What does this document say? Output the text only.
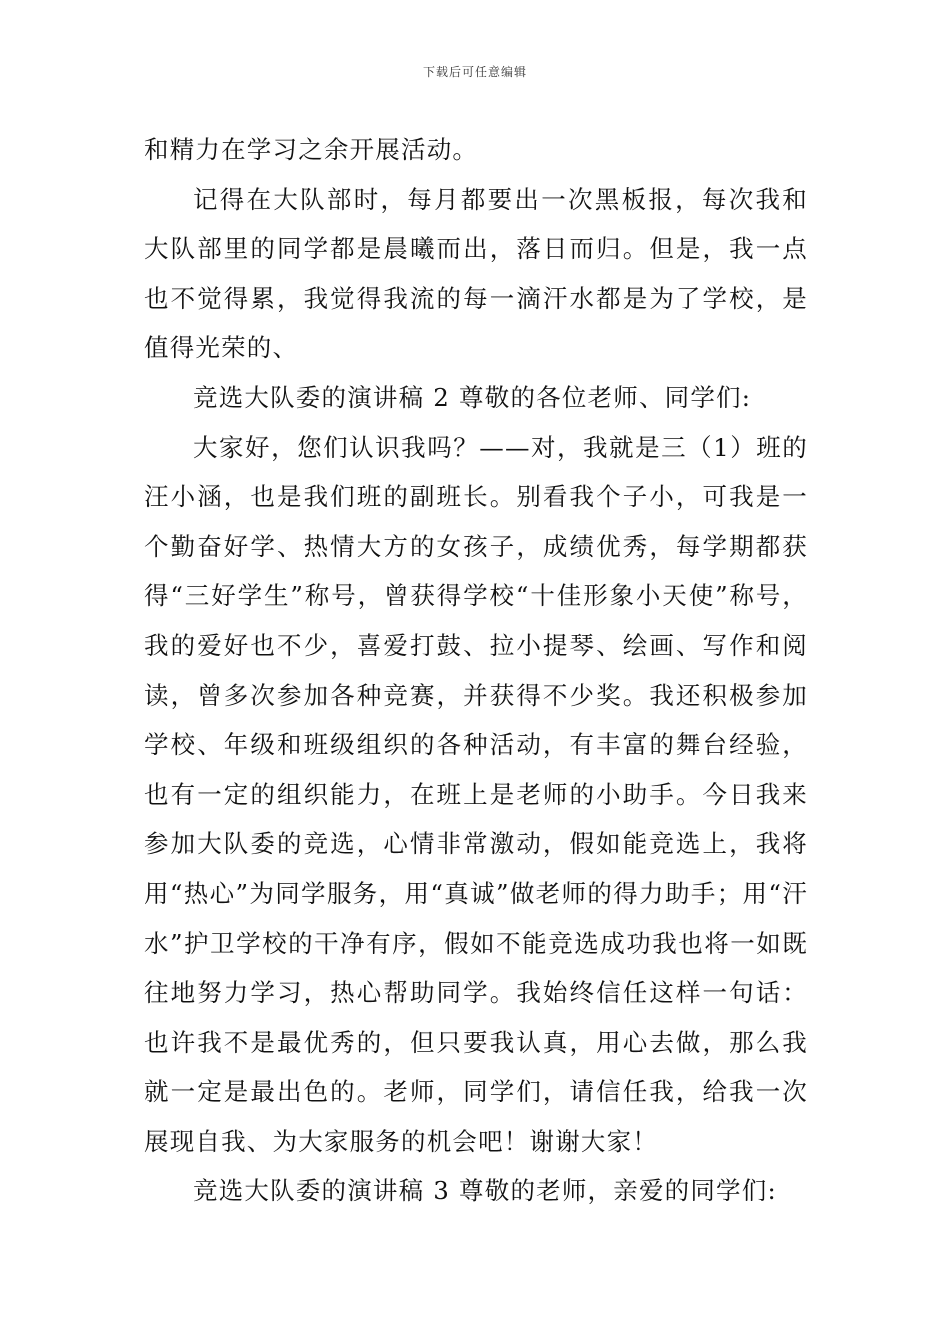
下载后可任意编辑

和精力在学习之余开展活动。

记得在大队部时，每月都要出一次黑板报，每次我和大队部里的同学都是晨曦而出，落日而归。但是，我一点也不觉得累，我觉得我流的每一滴汗水都是为了学校，是值得光荣的、

竞选大队委的演讲稿 2 尊敬的各位老师、同学们:

大家好，您们认识我吗？——对，我就是三（1）班的汪小涵，也是我们班的副班长。别看我个子小，可我是一个勤奋好学、热情大方的女孩子，成绩优秀，每学期都获得“三好学生”称号，曾获得学校“十佳形象小天使”称号，我的爱好也不少，喜爱打鼓、拉小提琴、绘画、写作和阅读，曾多次参加各种竞赛，并获得不少奖。我还积极参加学校、年级和班级组织的各种活动，有丰富的舞台经验，也有一定的组织能力，在班上是老师的小助手。今日我来参加大队委的竞选，心情非常激动，假如能竞选上，我将用“热心”为同学服务，用“真诚”做老师的得力助手；用“汗水”护卫学校的干净有序，假如不能竞选成功我也将一如既往地努力学习，热心帮助同学。我始终信任这样一句话：也许我不是最优秀的，但只要我认真，用心去做，那么我就一定是最出色的。老师，同学们，请信任我，给我一次展现自我、为大家服务的机会吧！谢谢大家！

竞选大队委的演讲稿 3 尊敬的老师，亲爱的同学们:
